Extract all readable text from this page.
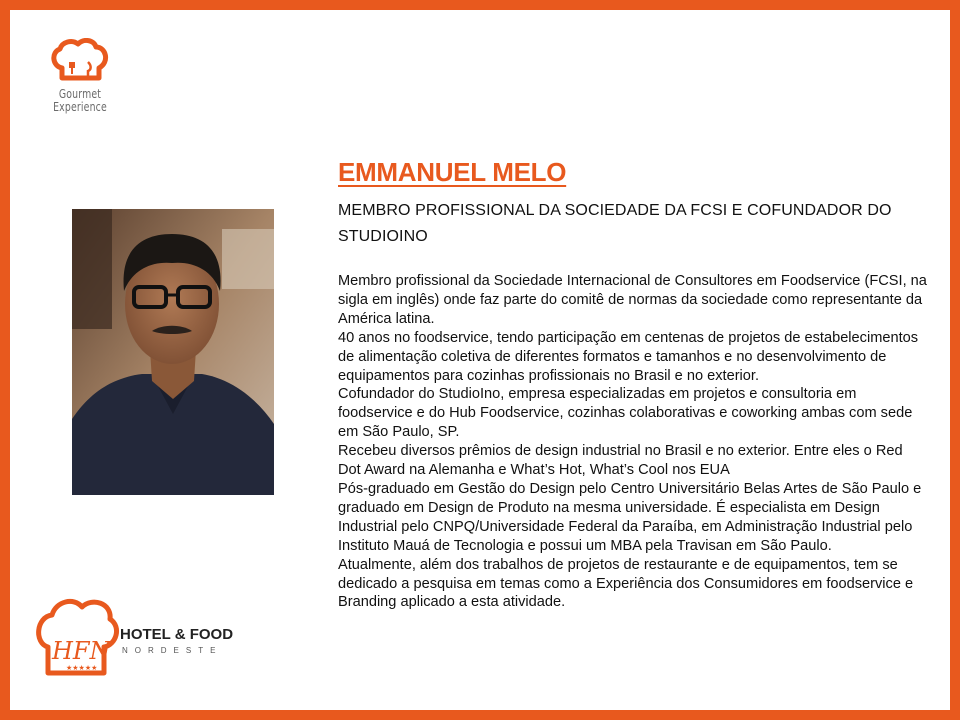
Gourmet
Experience
EMMANUEL MELO
MEMBRO PROFISSIONAL DA SOCIEDADE DA FCSI E COFUNDADOR DO STUDIOINO

Membro profissional da Sociedade Internacional de Consultores em Foodservice (FCSI, na sigla em inglês) onde faz parte do comitê de normas da sociedade como representante da América latina.

40 anos no foodservice, tendo participação em centenas de projetos de estabelecimentos de alimentação coletiva de diferentes formatos e tamanhos e no desenvolvimento de equipamentos para cozinhas profissionais no Brasil e no exterior.

Cofundador do StudioIno, empresa especializadas em projetos e consultoria em foodservice e do Hub Foodservice, cozinhas colaborativas e coworking ambas com sede em São Paulo, SP.

Recebeu diversos prêmios de design industrial no Brasil e no exterior. Entre eles o Red Dot Award na Alemanha e What’s Hot, What’s Cool nos EUA

Pós-graduado em Gestão do Design pelo Centro Universitário Belas Artes de São Paulo e graduado em Design de Produto na mesma universidade. É especialista em Design Industrial pelo CNPQ/Universidade Federal da Paraíba, em Administração Industrial pelo Instituto Mauá de Tecnologia e possui um MBA pela Travisan em São Paulo.

Atualmente, além dos trabalhos de projetos de restaurante e de equipamentos, tem se dedicado a pesquisa em temas como a Experiência dos Consumidores em foodservice e Branding aplicado a esta atividade.

HFN
★★★★★
HOTEL & FOOD
NORDESTE
